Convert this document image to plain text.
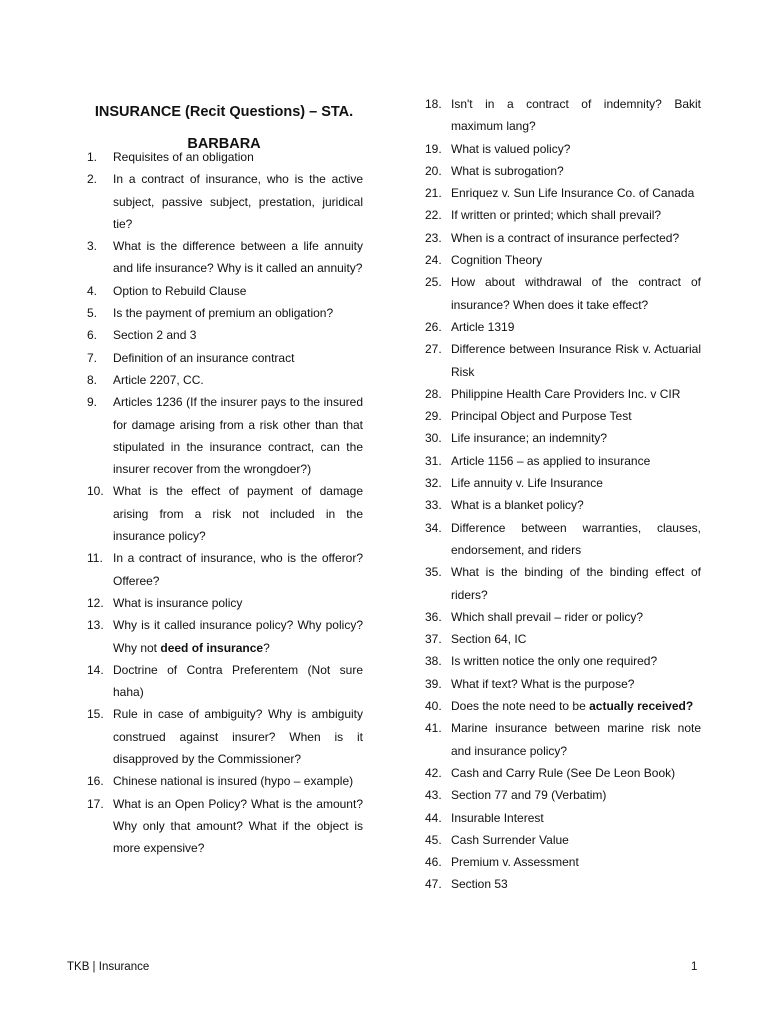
INSURANCE (Recit Questions) – STA. BARBARA
1. Requisites of an obligation
2. In a contract of insurance, who is the active subject, passive subject, prestation, juridical tie?
3. What is the difference between a life annuity and life insurance? Why is it called an annuity?
4. Option to Rebuild Clause
5. Is the payment of premium an obligation?
6. Section 2 and 3
7. Definition of an insurance contract
8. Article 2207, CC.
9. Articles 1236 (If the insurer pays to the insured for damage arising from a risk other than that stipulated in the insurance contract, can the insurer recover from the wrongdoer?)
10. What is the effect of payment of damage arising from a risk not included in the insurance policy?
11. In a contract of insurance, who is the offeror? Offeree?
12. What is insurance policy
13. Why is it called insurance policy? Why policy? Why not deed of insurance?
14. Doctrine of Contra Preferentem (Not sure haha)
15. Rule in case of ambiguity? Why is ambiguity construed against insurer? When is it disapproved by the Commissioner?
16. Chinese national is insured (hypo – example)
17. What is an Open Policy? What is the amount? Why only that amount? What if the object is more expensive?
18. Isn't in a contract of indemnity? Bakit maximum lang?
19. What is valued policy?
20. What is subrogation?
21. Enriquez v. Sun Life Insurance Co. of Canada
22. If written or printed; which shall prevail?
23. When is a contract of insurance perfected?
24. Cognition Theory
25. How about withdrawal of the contract of insurance? When does it take effect?
26. Article 1319
27. Difference between Insurance Risk v. Actuarial Risk
28. Philippine Health Care Providers Inc. v CIR
29. Principal Object and Purpose Test
30. Life insurance; an indemnity?
31. Article 1156 – as applied to insurance
32. Life annuity v. Life Insurance
33. What is a blanket policy?
34. Difference between warranties, clauses, endorsement, and riders
35. What is the binding of the binding effect of riders?
36. Which shall prevail – rider or policy?
37. Section 64, IC
38. Is written notice the only one required?
39. What if text? What is the purpose?
40. Does the note need to be actually received?
41. Marine insurance between marine risk note and insurance policy?
42. Cash and Carry Rule (See De Leon Book)
43. Section 77 and 79 (Verbatim)
44. Insurable Interest
45. Cash Surrender Value
46. Premium v. Assessment
47. Section 53
TKB | Insurance	1
